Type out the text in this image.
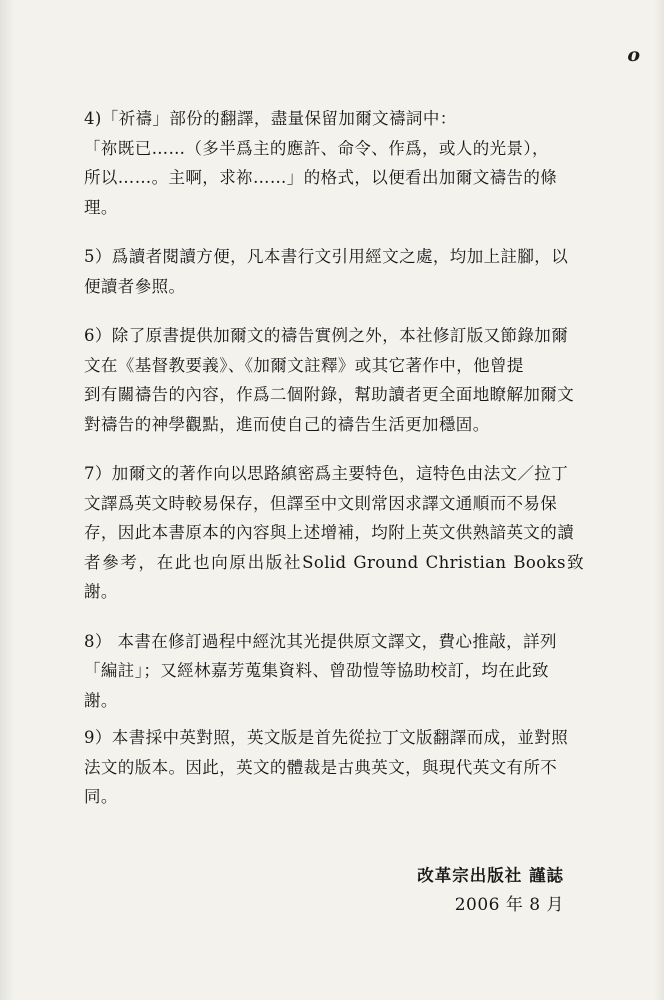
o

4)「祈禱」部份的翻譯，盡量保留加爾文禱詞中：

「祢既已……（多半爲主的應許、命令、作爲，或人的光景），

所以……。主啊，求祢……」的格式，以便看出加爾文禱告的條

理。

5）爲讀者閱讀方便，凡本書行文引用經文之處，均加上註腳，以

便讀者參照。

6）除了原書提供加爾文的禱告實例之外，本社修訂版又節錄加爾

文在《基督教要義》、《加爾文註釋》或其它著作中，他曾提

到有關禱告的內容，作爲二個附錄，幫助讀者更全面地瞭解加爾文

對禱告的神學觀點，進而使自己的禱告生活更加穩固。

7）加爾文的著作向以思路縝密爲主要特色，這特色由法文／拉丁

文譯爲英文時較易保存，但譯至中文則常因求譯文通順而不易保

存，因此本書原本的內容與上述增補，均附上英文供熟諳英文的讀

者參考，在此也向原出版社Solid Ground Christian Books致謝。

8） 本書在修訂過程中經沈其光提供原文譯文，費心推敲，詳列

「編註」；又經林嘉芳蒐集資料、曾劭愷等協助校訂，均在此致

謝。

9）本書採中英對照，英文版是首先從拉丁文版翻譯而成，並對照

法文的版本。因此，英文的體裁是古典英文，與現代英文有所不

同。

改革宗出版社 謹誌
2006 年 8 月
